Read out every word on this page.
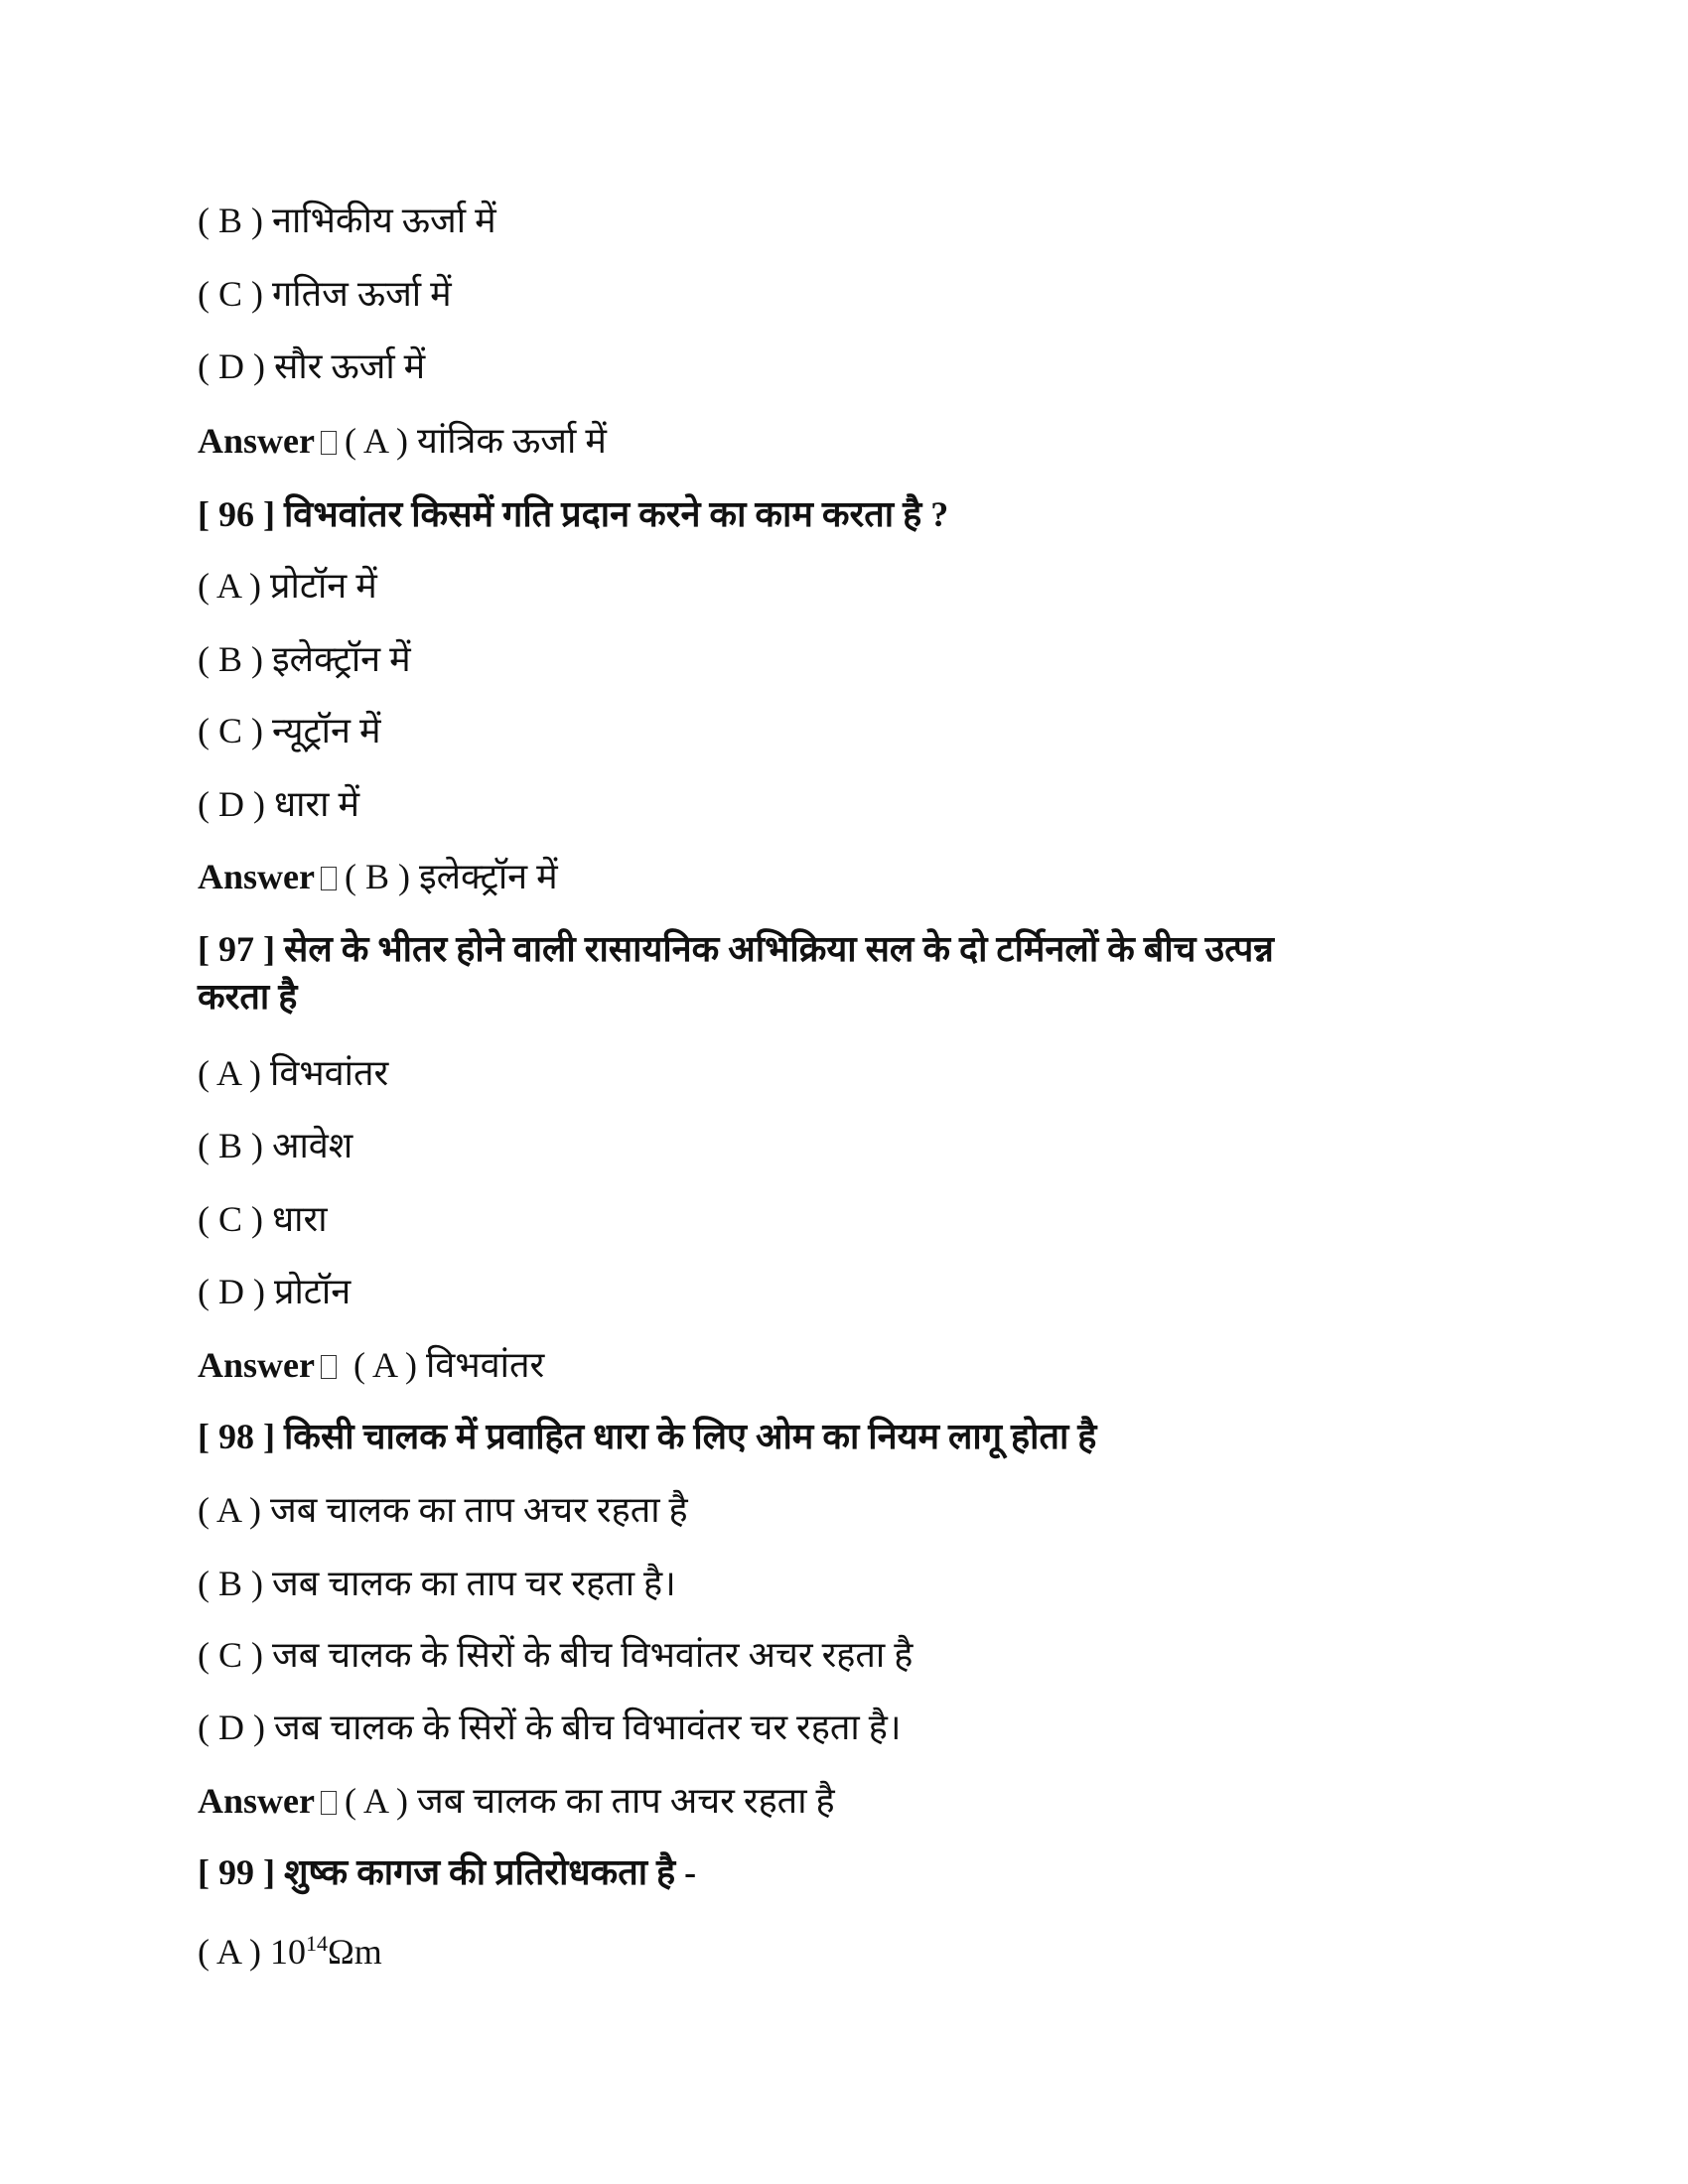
( B ) नाभिकीय ऊर्जा में
( C ) गतिज ऊर्जा में
( D ) सौर ऊर्जा में
Answer ( A ) यांत्रिक ऊर्जा में
[ 96 ] विभवांतर किसमें गति प्रदान करने का काम करता है ?
( A ) प्रोटॉन में
( B ) इलेक्ट्रॉन में
( C ) न्यूट्रॉन में
( D ) धारा में
Answer ( B ) इलेक्ट्रॉन में
[ 97 ] सेल के भीतर होने वाली रासायनिक अभिक्रिया सल के दो टर्मिनलों के बीच उत्पन्न
करता है
( A ) विभवांतर
( B ) आवेश
( C ) धारा
( D ) प्रोटॉन
Answer ( A ) विभवांतर
[ 98 ] किसी चालक में प्रवाहित धारा के लिए ओम का नियम लागू होता है
( A ) जब चालक का ताप अचर रहता है
( B ) जब चालक का ताप चर रहता है।
( C ) जब चालक के सिरों के बीच विभवांतर अचर रहता है
( D ) जब चालक के सिरों के बीच विभावंतर चर रहता है।
Answer ( A ) जब चालक का ताप अचर रहता है
[ 99 ] शुष्क कागज की प्रतिरोधकता है -
( A ) $10^{14}\Omega m$
